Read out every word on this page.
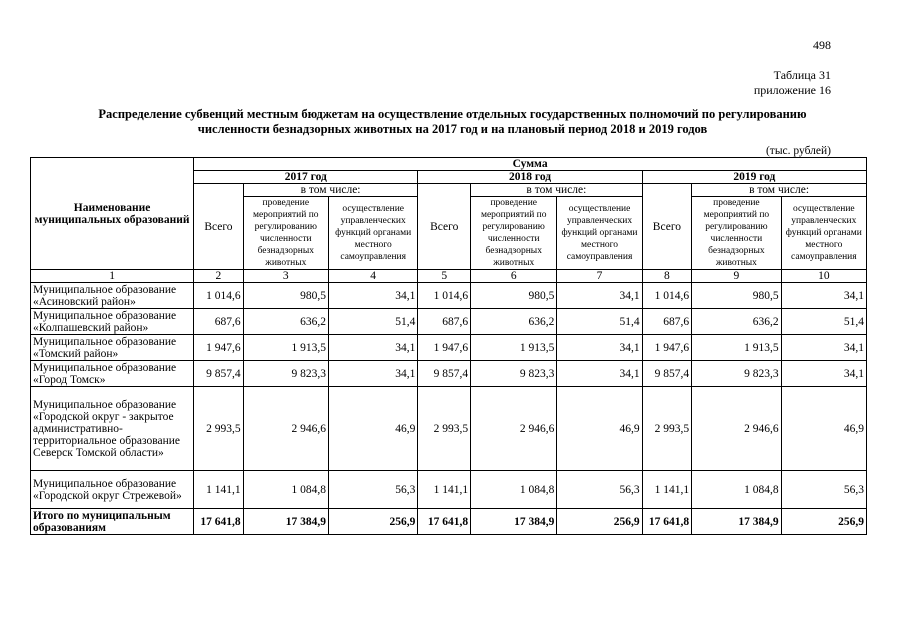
498
Таблица 31
приложение 16
Распределение субвенций местным бюджетам на осуществление отдельных государственных полномочий по регулированию
численности безнадзорных животных на 2017 год и на плановый период 2018 и 2019 годов
(тыс. рублей)
Наименование муниципальных образований	Сумма								
	2017 год			2018 год			2019 год		
	Всего	в том числе:		Всего	в том числе:		Всего	в том числе:	
		проведение мероприятий по регулированию численности безнадзорных животных	осуществление управленческих функций органами местного самоуправления		проведение мероприятий по регулированию численности безнадзорных животных	осуществление управленческих функций органами местного самоуправления		проведение мероприятий по регулированию численности безнадзорных животных	осуществление управленческих функций органами местного самоуправления
1	2	3	4	5	6	7	8	9	10
Муниципальное образование «Асиновский район»	1 014,6	980,5	34,1	1 014,6	980,5	34,1	1 014,6	980,5	34,1
Муниципальное образование «Колпашевский район»	687,6	636,2	51,4	687,6	636,2	51,4	687,6	636,2	51,4
Муниципальное образование «Томский район»	1 947,6	1 913,5	34,1	1 947,6	1 913,5	34,1	1 947,6	1 913,5	34,1
Муниципальное образование «Город Томск»	9 857,4	9 823,3	34,1	9 857,4	9 823,3	34,1	9 857,4	9 823,3	34,1
Муниципальное образование «Городской округ - закрытое административно-территориальное образование Северск Томской области»	2 993,5	2 946,6	46,9	2 993,5	2 946,6	46,9	2 993,5	2 946,6	46,9
Муниципальное образование «Городской округ Стрежевой»	1 141,1	1 084,8	56,3	1 141,1	1 084,8	56,3	1 141,1	1 084,8	56,3
Итого по муниципальным образованиям	17 641,8	17 384,9	256,9	17 641,8	17 384,9	256,9	17 641,8	17 384,9	256,9
